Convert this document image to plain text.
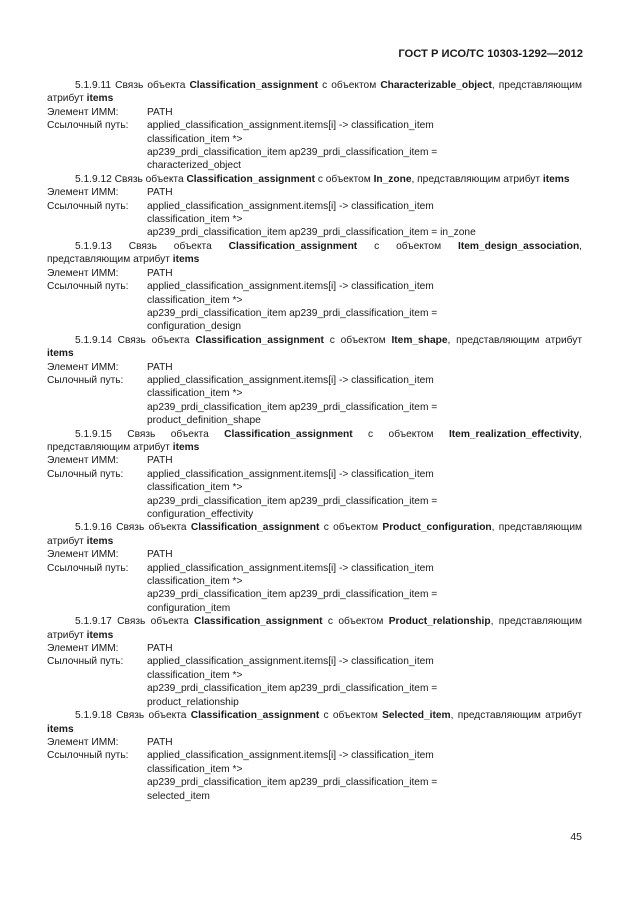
ГОСТ Р ИСО/ТС 10303-1292—2012
5.1.9.11 Связь объекта Classification_assignment с объектом Characterizable_object, представляющим атрибут items
Элемент ИММ:	PATH
Ссылочный путь:	applied_classification_assignment.items[i] -> classification_item
classification_item *>
ap239_prdi_classification_item ap239_prdi_classification_item =
characterized_object
5.1.9.12 Связь объекта Classification_assignment с объектом In_zone, представляющим атрибут items
Элемент ИММ:	PATH
Ссылочный путь:	applied_classification_assignment.items[i] -> classification_item
classification_item *>
ap239_prdi_classification_item ap239_prdi_classification_item = in_zone
5.1.9.13 Связь объекта Classification_assignment с объектом Item_design_association, представляющим атрибут items
Элемент ИММ:	PATH
Ссылочный путь:	applied_classification_assignment.items[i] -> classification_item
classification_item *>
ap239_prdi_classification_item ap239_prdi_classification_item =
configuration_design
5.1.9.14 Связь объекта Classification_assignment с объектом Item_shape, представляющим атрибут items
Элемент ИММ:	PATH
Сылочный путь:	applied_classification_assignment.items[i] -> classification_item
classification_item *>
ap239_prdi_classification_item ap239_prdi_classification_item =
product_definition_shape
5.1.9.15 Связь объекта Classification_assignment с объектом Item_realization_effectivity, представляющим атрибут items
Элемент ИММ:	PATH
Сылочный путь:	applied_classification_assignment.items[i] -> classification_item
classification_item *>
ap239_prdi_classification_item ap239_prdi_classification_item =
configuration_effectivity
5.1.9.16 Связь объекта Classification_assignment с объектом Product_configuration, представляющим атрибут items
Элемент ИММ:	PATH
Ссылочный путь:	applied_classification_assignment.items[i] -> classification_item
classification_item *>
ap239_prdi_classification_item ap239_prdi_classification_item =
configuration_item
5.1.9.17 Связь объекта Classification_assignment с объектом Product_relationship, представляющим атрибут items
Элемент ИММ:	PATH
Сылочный путь:	applied_classification_assignment.items[i] -> classification_item
classification_item *>
ap239_prdi_classification_item ap239_prdi_classification_item =
product_relationship
5.1.9.18 Связь объекта Classification_assignment с объектом Selected_item, представляющим атрибут items
Элемент ИММ:	PATH
Ссылочный путь:	applied_classification_assignment.items[i] -> classification_item
classification_item *>
ap239_prdi_classification_item ap239_prdi_classification_item =
selected_item
45
